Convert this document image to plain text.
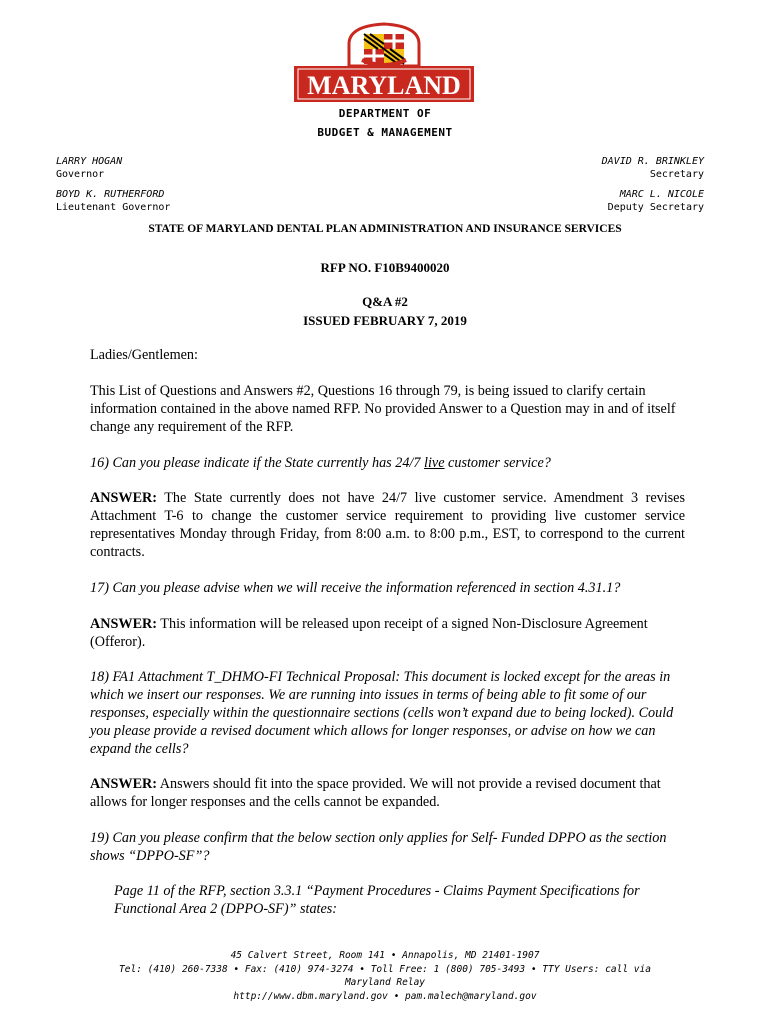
MARYLAND
DEPARTMENT OF
BUDGET & MANAGEMENT
LARRY HOGAN
Governor
BOYD K. RUTHERFORD
Lieutenant Governor
DAVID R. BRINKLEY
Secretary
MARC L. NICOLE
Deputy Secretary
STATE OF MARYLAND DENTAL PLAN ADMINISTRATION AND INSURANCE SERVICES
RFP NO. F10B9400020
Q&A #2
ISSUED FEBRUARY 7, 2019
Ladies/Gentlemen:
This List of Questions and Answers #2, Questions 16 through 79, is being issued to clarify certain information contained in the above named RFP. No provided Answer to a Question may in and of itself change any requirement of the RFP.
16) Can you please indicate if the State currently has 24/7 live customer service?
ANSWER: The State currently does not have 24/7 live customer service. Amendment 3 revises Attachment T-6 to change the customer service requirement to providing live customer service representatives Monday through Friday, from 8:00 a.m. to 8:00 p.m., EST, to correspond to the current contracts.
17) Can you please advise when we will receive the information referenced in section 4.31.1?
ANSWER: This information will be released upon receipt of a signed Non-Disclosure Agreement (Offeror).
18) FA1 Attachment T_DHMO-FI Technical Proposal: This document is locked except for the areas in which we insert our responses. We are running into issues in terms of being able to fit some of our responses, especially within the questionnaire sections (cells won’t expand due to being locked). Could you please provide a revised document which allows for longer responses, or advise on how we can expand the cells?
ANSWER: Answers should fit into the space provided. We will not provide a revised document that allows for longer responses and the cells cannot be expanded.
19) Can you please confirm that the below section only applies for Self- Funded DPPO as the section shows “DPPO-SF”?
Page 11 of the RFP, section 3.3.1 “Payment Procedures - Claims Payment Specifications for Functional Area 2 (DPPO-SF)” states:
45 Calvert Street, Room 141 • Annapolis, MD 21401-1907
Tel: (410) 260-7338 • Fax: (410) 974-3274 • Toll Free: 1 (800) 705-3493 • TTY Users: call via Maryland Relay
http://www.dbm.maryland.gov • pam.malech@maryland.gov
